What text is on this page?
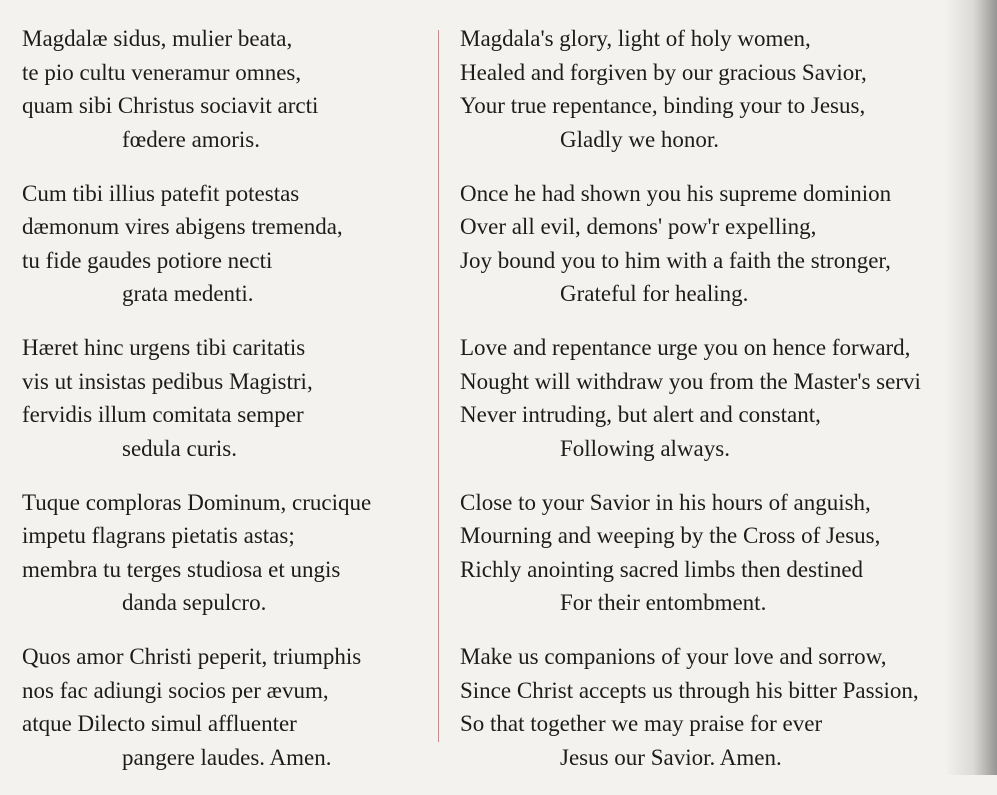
Magdalæ sidus, mulier beata,
te pio cultu veneramur omnes,
quam sibi Christus sociavit arcti
fœdere amoris.
Cum tibi illius patefit potestas
dæmonum vires abigens tremenda,
tu fide gaudes potiore necti
grata medenti.
Hæret hinc urgens tibi caritatis
vis ut insistas pedibus Magistri,
fervidis illum comitata semper
sedula curis.
Tuque comploras Dominum, crucique
impetu flagrans pietatis astas;
membra tu terges studiosa et ungis
danda sepulcro.
Quos amor Christi peperit, triumphis
nos fac adiungi socios per ævum,
atque Dilecto simul affluenter
pangere laudes. Amen.
Magdala's glory, light of holy women,
Healed and forgiven by our gracious Savior,
Your true repentance, binding your to Jesus,
Gladly we honor.
Once he had shown you his supreme dominion
Over all evil, demons' pow'r expelling,
Joy bound you to him with a faith the stronger,
Grateful for healing.
Love and repentance urge you on hence forward,
Nought will withdraw you from the Master's servi
Never intruding, but alert and constant,
Following always.
Close to your Savior in his hours of anguish,
Mourning and weeping by the Cross of Jesus,
Richly anointing sacred limbs then destined
For their entombment.
Make us companions of your love and sorrow,
Since Christ accepts us through his bitter Passion,
So that together we may praise for ever
Jesus our Savior. Amen.
